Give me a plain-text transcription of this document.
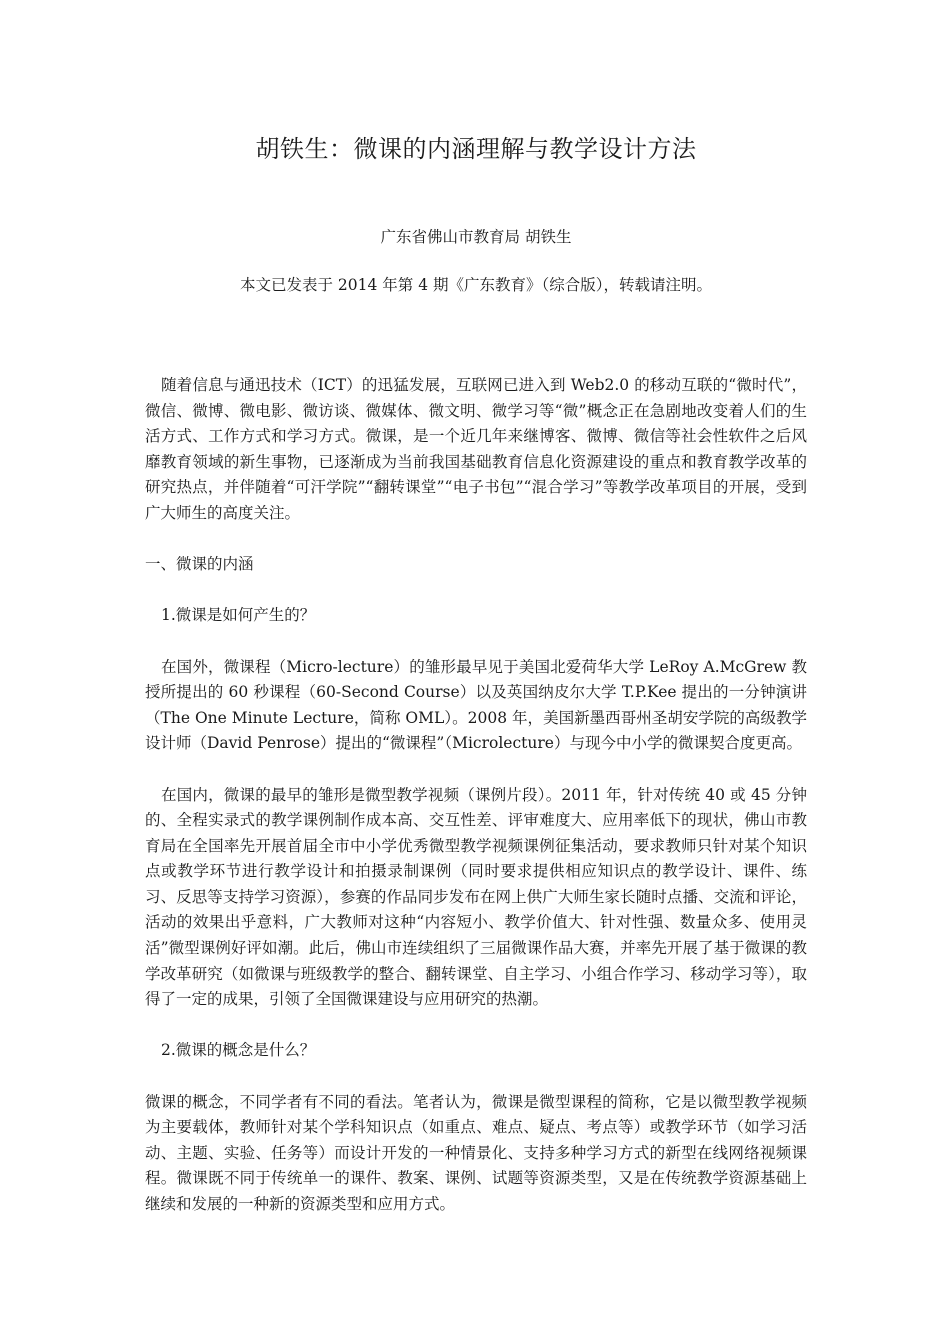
胡铁生：微课的内涵理解与教学设计方法
广东省佛山市教育局 胡铁生
本文已发表于 2014 年第 4 期《广东教育》（综合版），转载请注明。

随着信息与通迅技术（ICT）的迅猛发展，互联网已进入到 Web2.0 的移动互联的“微时代”，微信、微博、微电影、微访谈、微媒体、微文明、微学习等“微”概念正在急剧地改变着人们的生活方式、工作方式和学习方式。微课，是一个近几年来继博客、微博、微信等社会性软件之后风靡教育领域的新生事物，已逐渐成为当前我国基础教育信息化资源建设的重点和教育教学改革的研究热点，并伴随着“可汗学院”“翻转课堂”“电子书包”“混合学习”等教学改革项目的开展，受到广大师生的高度关注。

一、微课的内涵
1.微课是如何产生的？

在国外，微课程（Micro-lecture）的雏形最早见于美国北爱荷华大学 LeRoy A.McGrew 教授所提出的 60 秒课程（60-Second Course）以及英国纳皮尔大学 T.P.Kee 提出的一分钟演讲（The One Minute Lecture，简称 OML）。2008 年，美国新墨西哥州圣胡安学院的高级教学设计师（David Penrose）提出的“微课程”（Microlecture）与现今中小学的微课契合度更高。

在国内，微课的最早的雏形是微型教学视频（课例片段）。2011 年，针对传统 40 或 45 分钟的、全程实录式的教学课例制作成本高、交互性差、评审难度大、应用率低下的现状，佛山市教育局在全国率先开展首届全市中小学优秀微型教学视频课例征集活动，要求教师只针对某个知识点或教学环节进行教学设计和拍摄录制课例（同时要求提供相应知识点的教学设计、课件、练习、反思等支持学习资源），参赛的作品同步发布在网上供广大师生家长随时点播、交流和评论，活动的效果出乎意料，广大教师对这种“内容短小、教学价值大、针对性强、数量众多、使用灵活”微型课例好评如潮。此后，佛山市连续组织了三届微课作品大赛，并率先开展了基于微课的教学改革研究（如微课与班级教学的整合、翻转课堂、自主学习、小组合作学习、移动学习等），取得了一定的成果，引领了全国微课建设与应用研究的热潮。

2.微课的概念是什么？

微课的概念，不同学者有不同的看法。笔者认为，微课是微型课程的简称，它是以微型教学视频为主要载体，教师针对某个学科知识点（如重点、难点、疑点、考点等）或教学环节（如学习活动、主题、实验、任务等）而设计开发的一种情景化、支持多种学习方式的新型在线网络视频课程。微课既不同于传统单一的课件、教案、课例、试题等资源类型，又是在传统教学资源基础上继续和发展的一种新的资源类型和应用方式。
